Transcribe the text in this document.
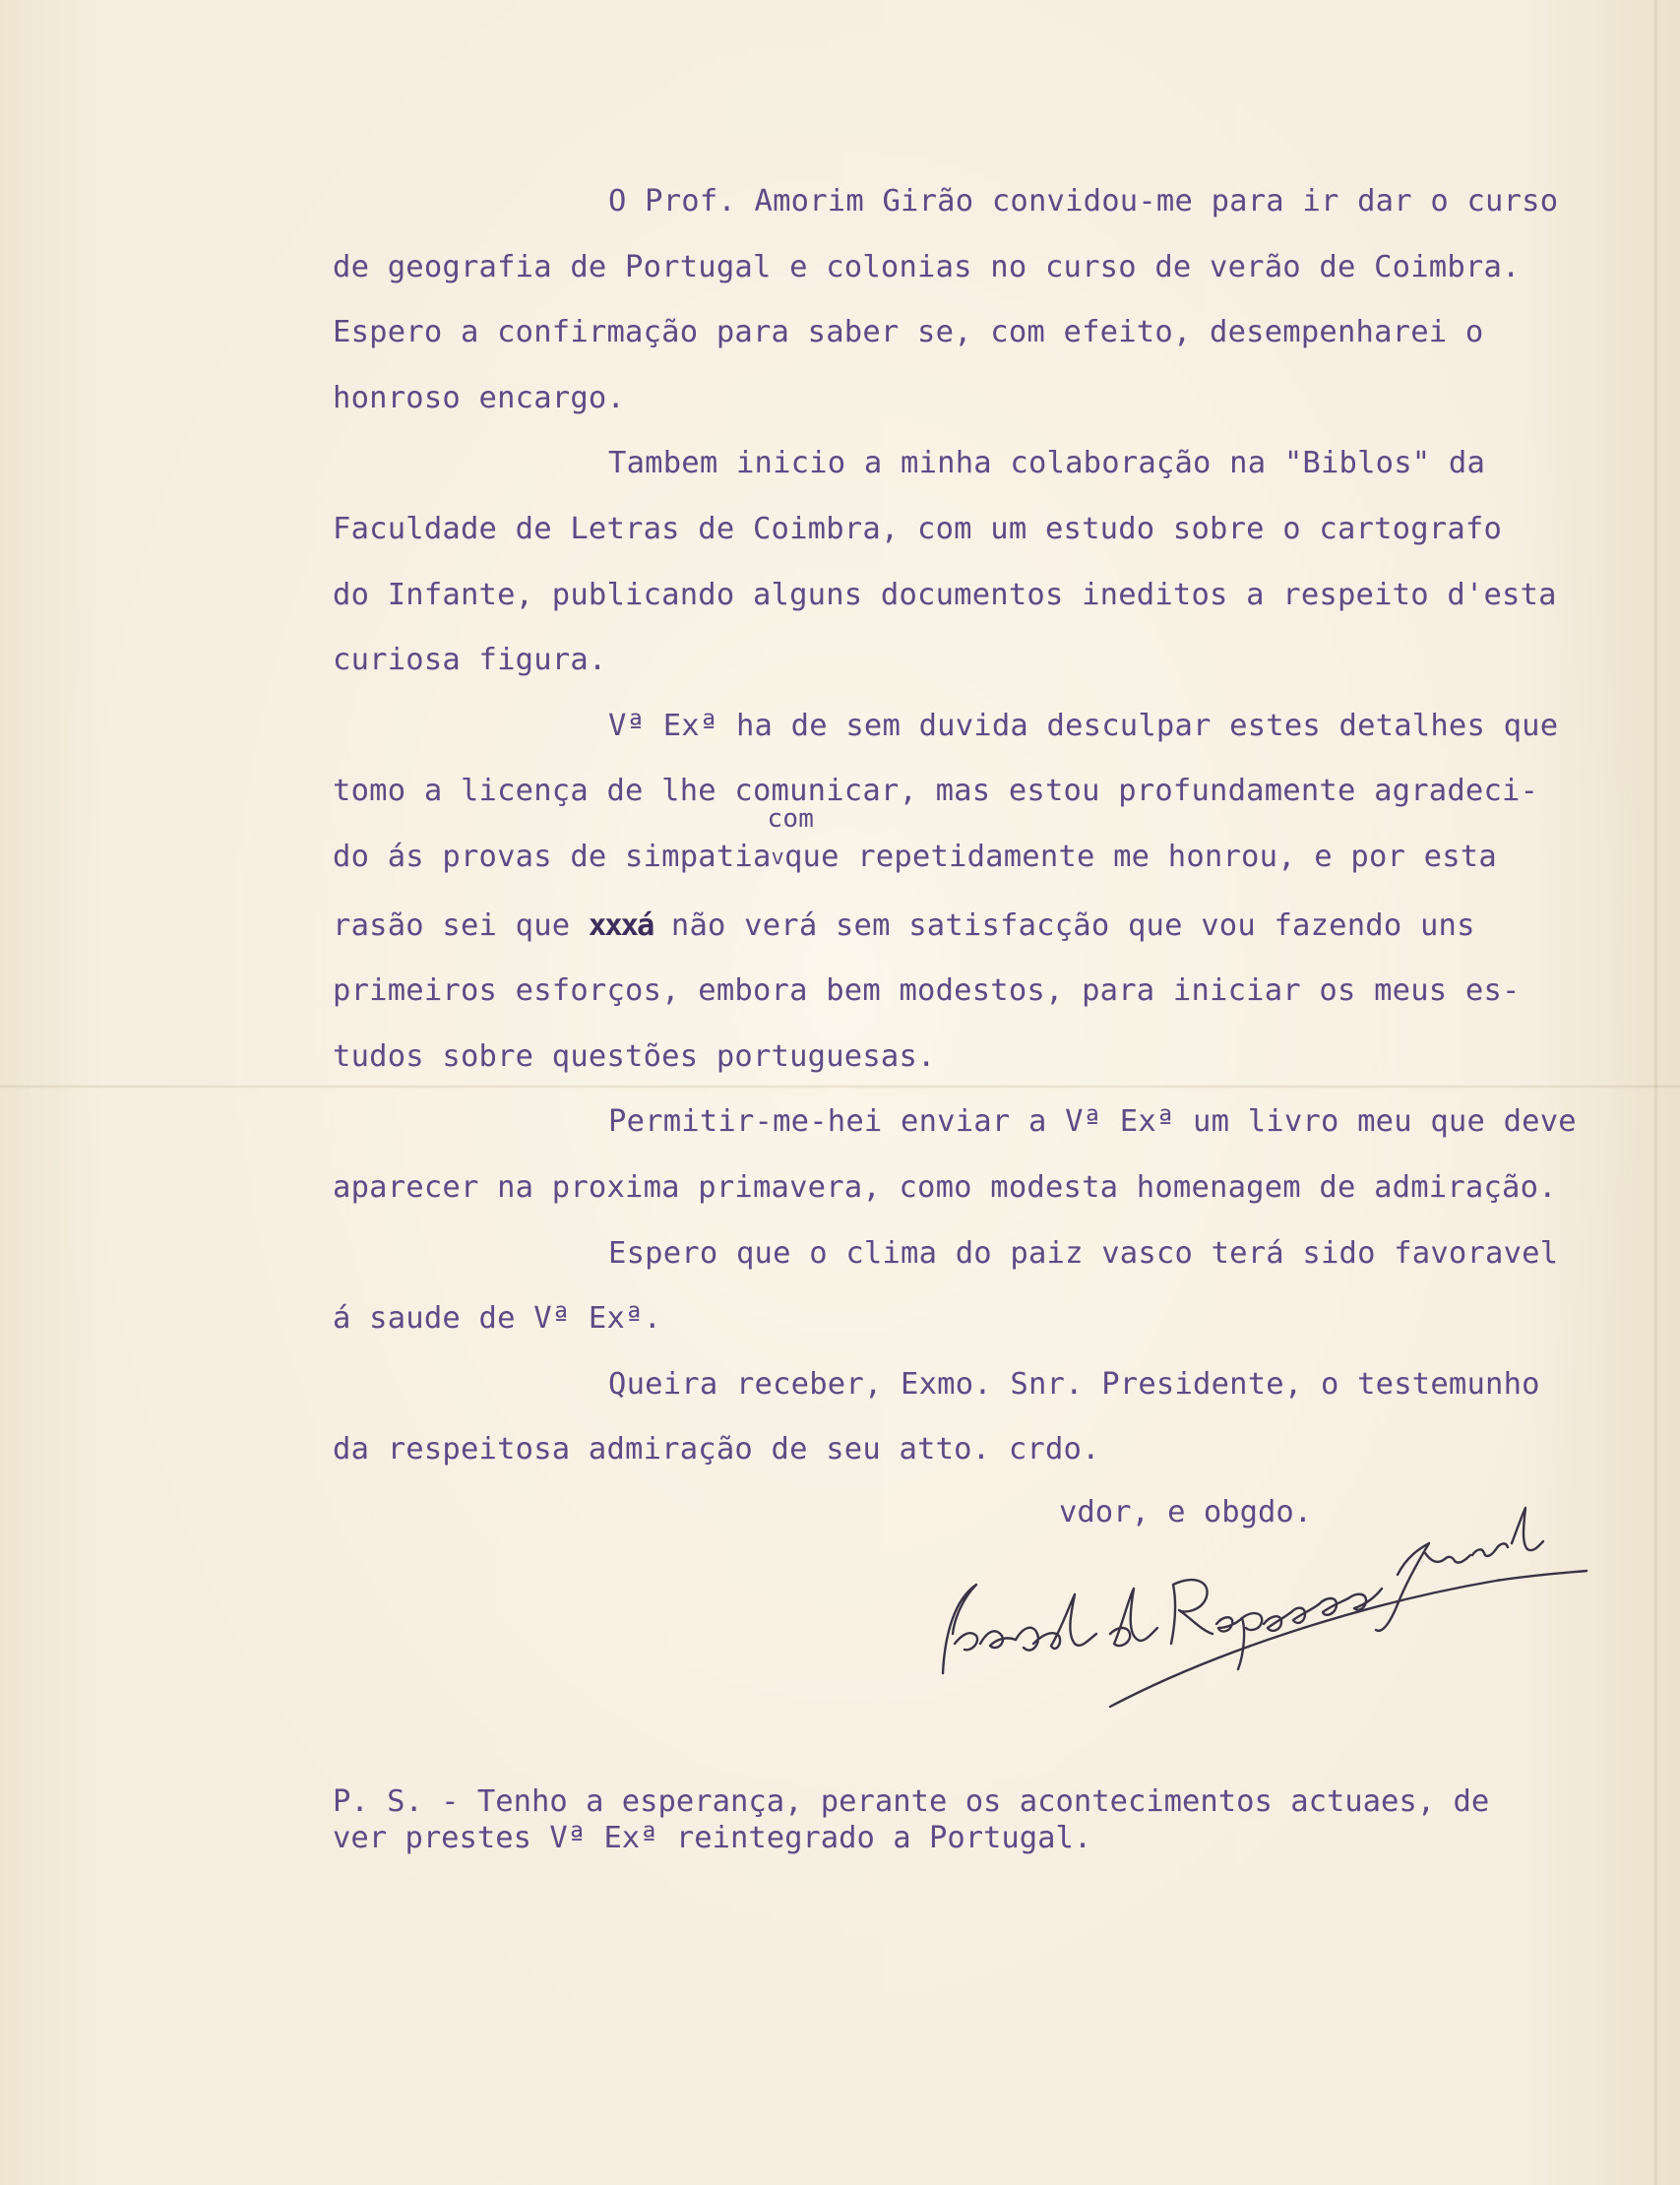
O Prof. Amorim Girão convidou-me para ir dar o curso
de geografia de Portugal e colonias no curso de verão de Coimbra.
Espero a confirmação para saber se, com efeito, desempenharei o
honroso encargo.
Tambem inicio a minha colaboração na "Biblos" da
Faculdade de Letras de Coimbra, com um estudo sobre o cartografo
do Infante, publicando alguns documentos ineditos a respeito d'esta
curiosa figura.
Vª Exª ha de sem duvida desculpar estes detalhes que
tomo a licença de lhe comunicar, mas estou profundamente agradeci-
do ás provas de simpatia
com
vque repetidamente me honrou, e por esta
rasão sei que xxxá não verá sem satisfacção que vou fazendo uns
primeiros esforços, embora bem modestos, para iniciar os meus es-
tudos sobre questões portuguesas.
Permitir-me-hei enviar a Vª Exª um livro meu que deve
aparecer na proxima primavera, como modesta homenagem de admiração.
Espero que o clima do paiz vasco terá sido favoravel
á saude de Vª Exª.
Queira receber, Exmo. Snr. Presidente, o testemunho
da respeitosa admiração de seu atto. crdo.
vdor, e obgdo.
P. S. - Tenho a esperança, perante os acontecimentos actuaes, de
ver prestes Vª Exª reintegrado a Portugal.
